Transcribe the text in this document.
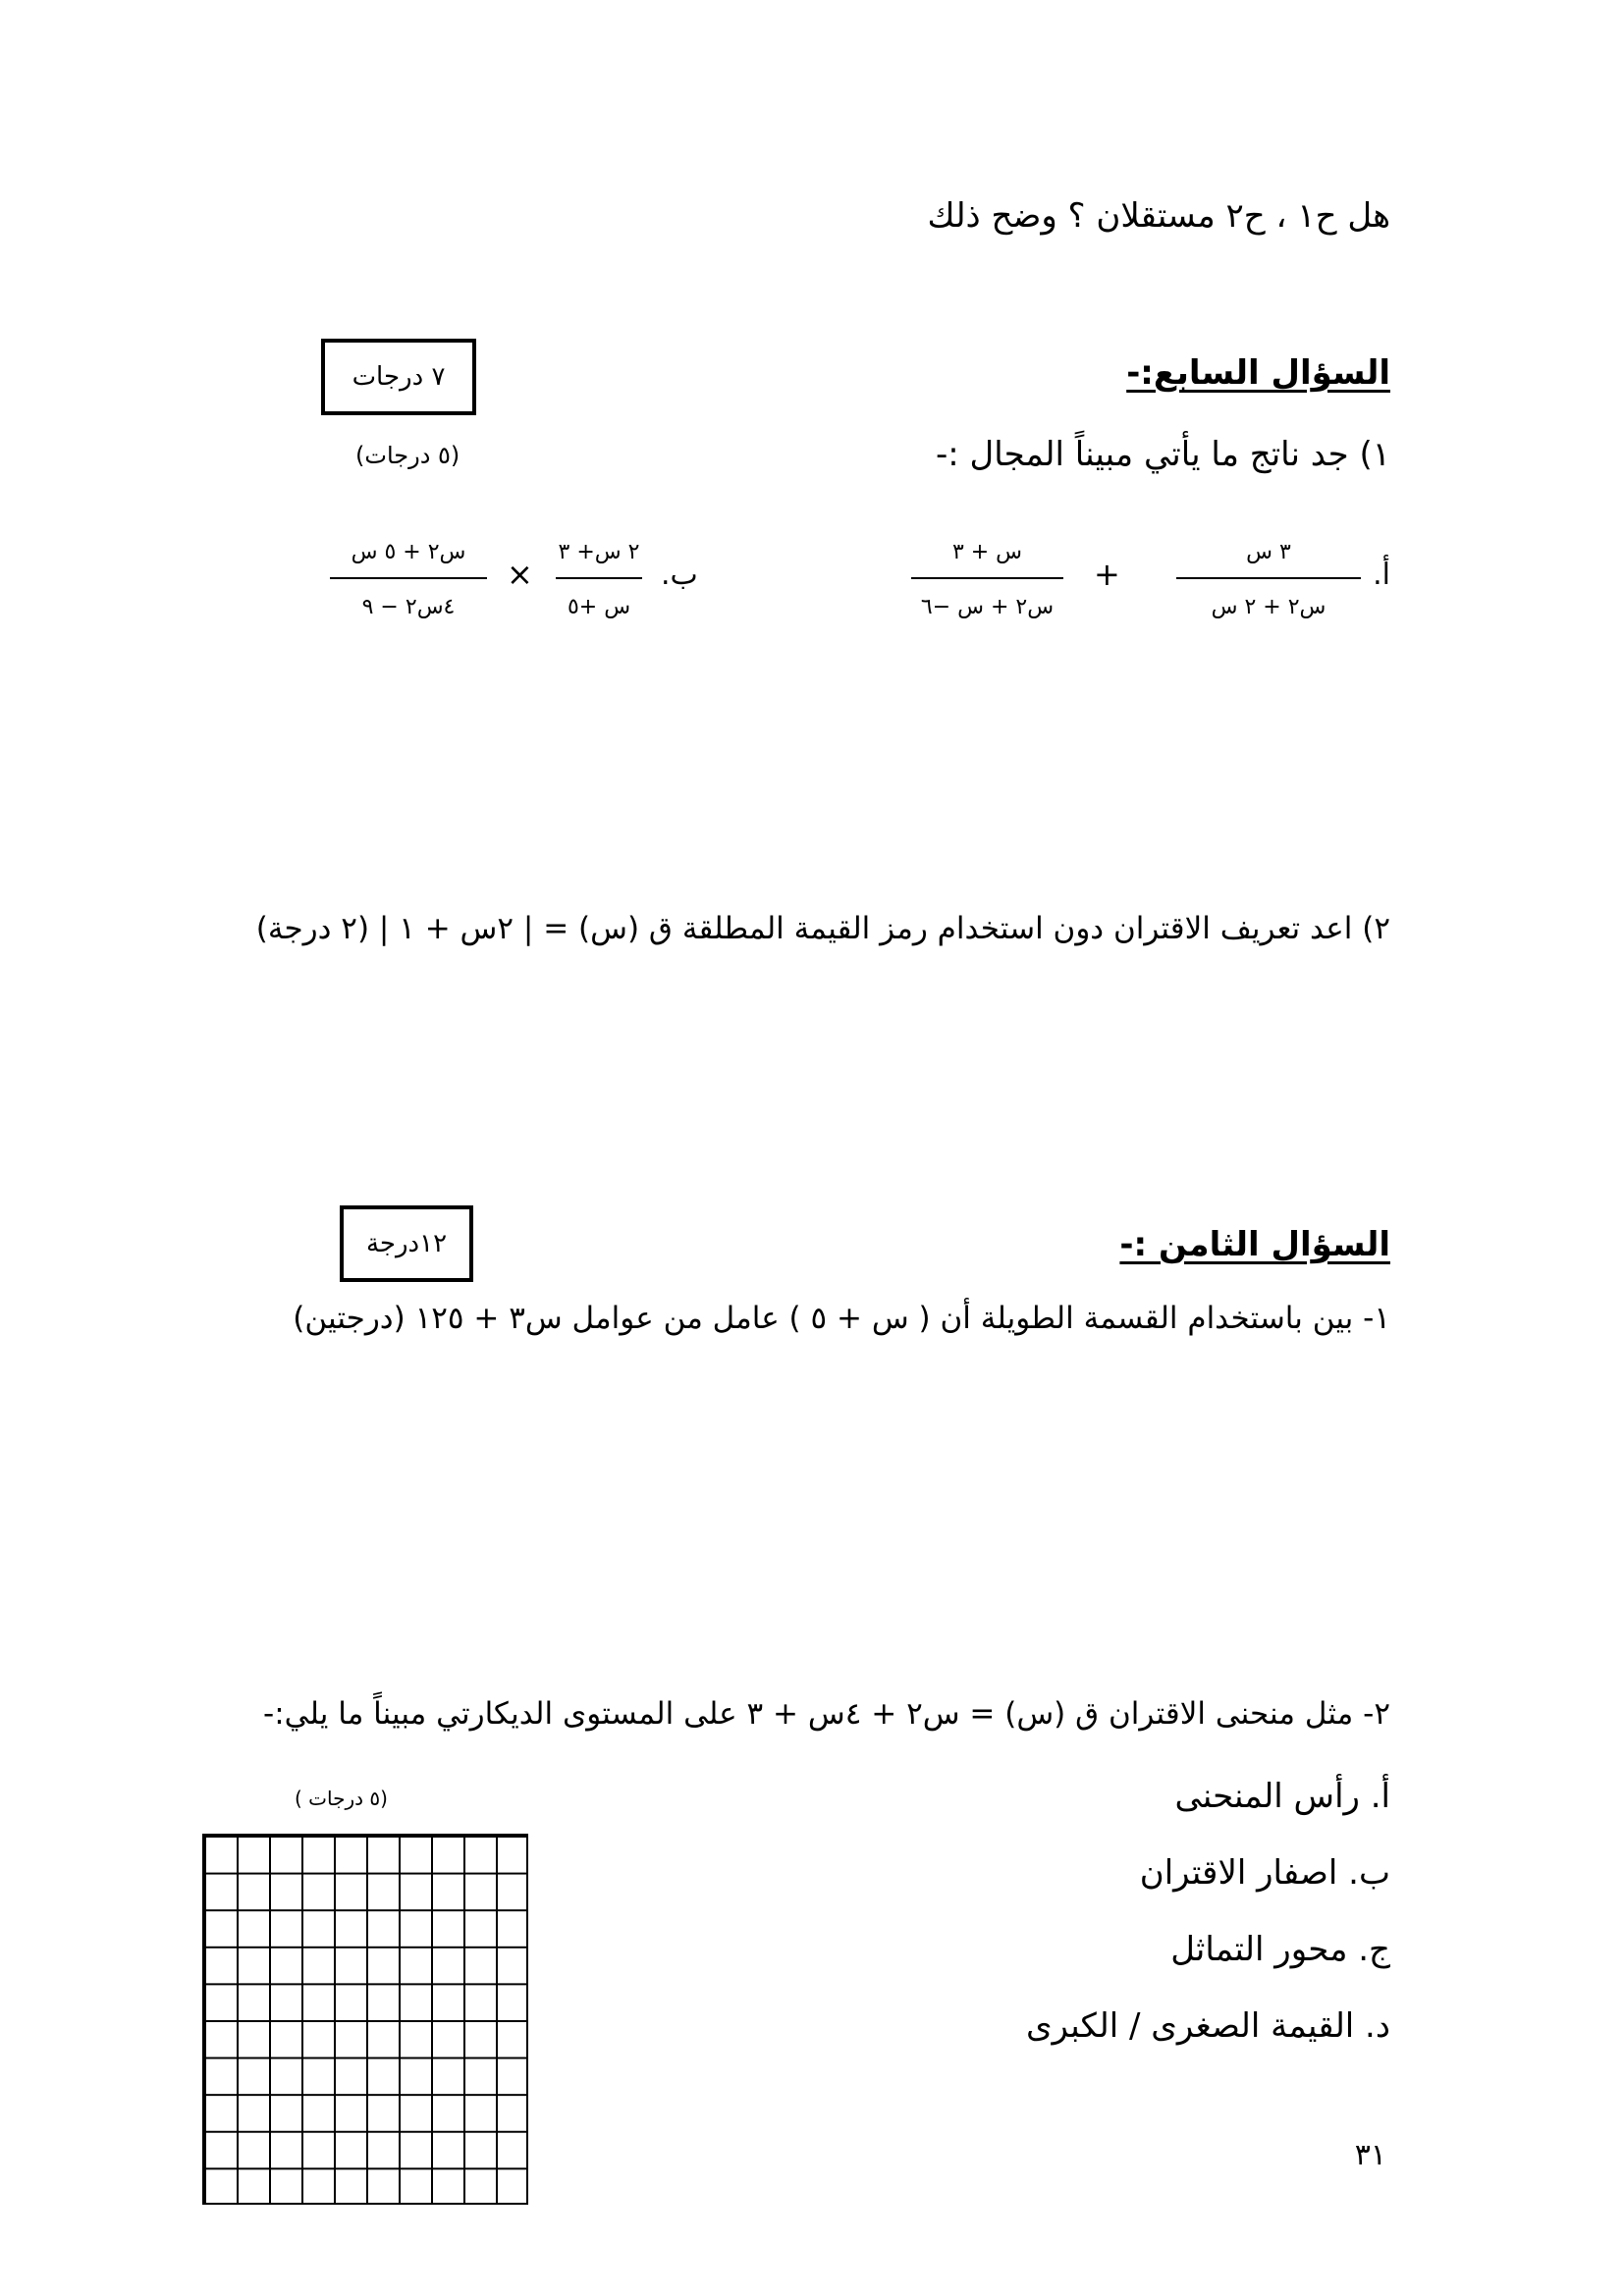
هل ح١ ، ح٢ مستقلان ؟ وضح ذلك
السؤال السابع:-
٧ درجات
١) جد ناتج ما يأتي مبيناً المجال :-
(٥ درجات)
أ.
٣ س
س٢ + ٢ س
+
س + ٣
س٢ + س −٦
ب.
٢ س+ ٣
س +٥
×
س٢ + ٥ س
٤س٢ − ٩
٢) اعد تعريف الاقتران دون استخدام رمز القيمة المطلقة ق (س) = | ٢س + ١ | (٢ درجة)
السؤال الثامن :-
١٢درجة
١- بين باستخدام القسمة الطويلة أن ( س + ٥ ) عامل من عوامل س٣ + ١٢٥ (درجتين)
٢- مثل منحنى الاقتران ق (س) = س٢ + ٤س + ٣ على المستوى الديكارتي مبيناً ما يلي:-
(٥ درجات )	أ. رأس المنحنى
ب. اصفار الاقتران
ج. محور التماثل
د. القيمة الصغرى / الكبرى
٣١
